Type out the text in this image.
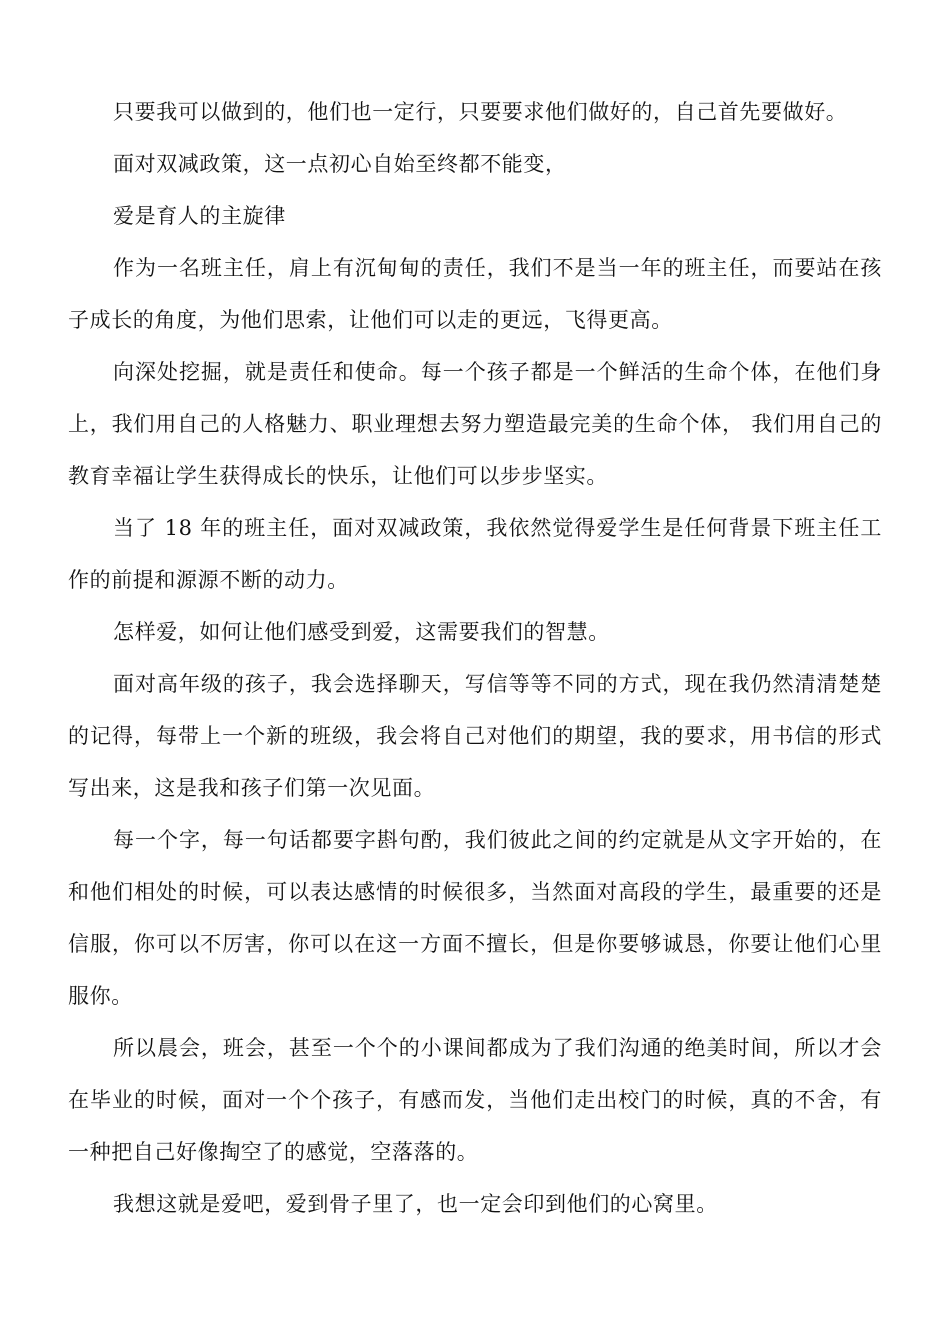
只要我可以做到的，他们也一定行，只要要求他们做好的，自己首先要做好。

面对双减政策，这一点初心自始至终都不能变，

爱是育人的主旋律

作为一名班主任，肩上有沉甸甸的责任，我们不是当一年的班主任，而要站在孩子成长的角度，为他们思索，让他们可以走的更远，飞得更高。

向深处挖掘，就是责任和使命。每一个孩子都是一个鲜活的生命个体，在他们身上，我们用自己的人格魅力、职业理想去努力塑造最完美的生命个体， 我们用自己的教育幸福让学生获得成长的快乐，让他们可以步步坚实。

当了 18 年的班主任，面对双减政策，我依然觉得爱学生是任何背景下班主任工作的前提和源源不断的动力。

怎样爱，如何让他们感受到爱，这需要我们的智慧。

面对高年级的孩子，我会选择聊天，写信等等不同的方式，现在我仍然清清楚楚的记得，每带上一个新的班级，我会将自己对他们的期望，我的要求，用书信的形式写出来，这是我和孩子们第一次见面。

每一个字，每一句话都要字斟句酌，我们彼此之间的约定就是从文字开始的，在和他们相处的时候，可以表达感情的时候很多，当然面对高段的学生，最重要的还是信服，你可以不厉害，你可以在这一方面不擅长，但是你要够诚恳，你要让他们心里服你。

所以晨会，班会，甚至一个个的小课间都成为了我们沟通的绝美时间，所以才会在毕业的时候，面对一个个孩子，有感而发，当他们走出校门的时候，真的不舍，有一种把自己好像掏空了的感觉，空落落的。

我想这就是爱吧，爱到骨子里了，也一定会印到他们的心窝里。
